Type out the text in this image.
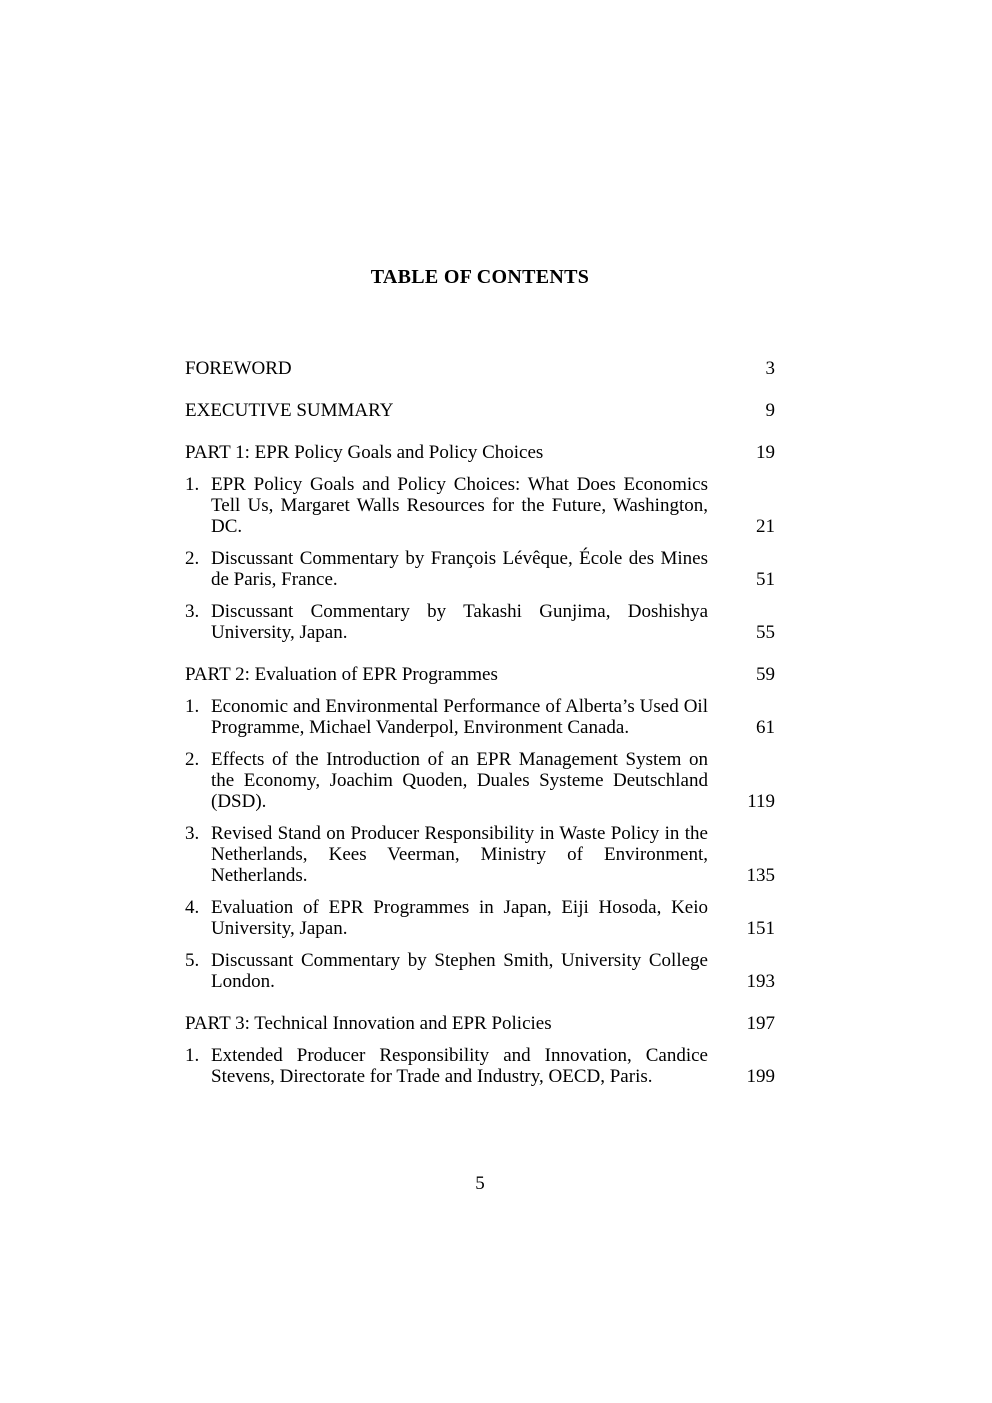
TABLE OF CONTENTS
FOREWORD	3
EXECUTIVE SUMMARY	9
PART 1: EPR Policy Goals and Policy Choices	19
1. EPR Policy Goals and Policy Choices: What Does Economics Tell Us, Margaret Walls Resources for the Future, Washington, DC.	21
2. Discussant Commentary by François Lévêque, École des Mines de Paris, France.	51
3. Discussant Commentary by Takashi Gunjima, Doshishya University, Japan.	55
PART 2: Evaluation of EPR Programmes	59
1. Economic and Environmental Performance of Alberta’s Used Oil Programme, Michael Vanderpol, Environment Canada.	61
2. Effects of the Introduction of an EPR Management System on the Economy, Joachim Quoden, Duales Systeme Deutschland (DSD).	119
3. Revised Stand on Producer Responsibility in Waste Policy in the Netherlands, Kees Veerman, Ministry of Environment, Netherlands.	135
4. Evaluation of EPR Programmes in Japan, Eiji Hosoda, Keio University, Japan.	151
5. Discussant Commentary by Stephen Smith, University College London.	193
PART 3: Technical Innovation and EPR Policies	197
1. Extended Producer Responsibility and Innovation, Candice Stevens, Directorate for Trade and Industry, OECD, Paris.	199
5
